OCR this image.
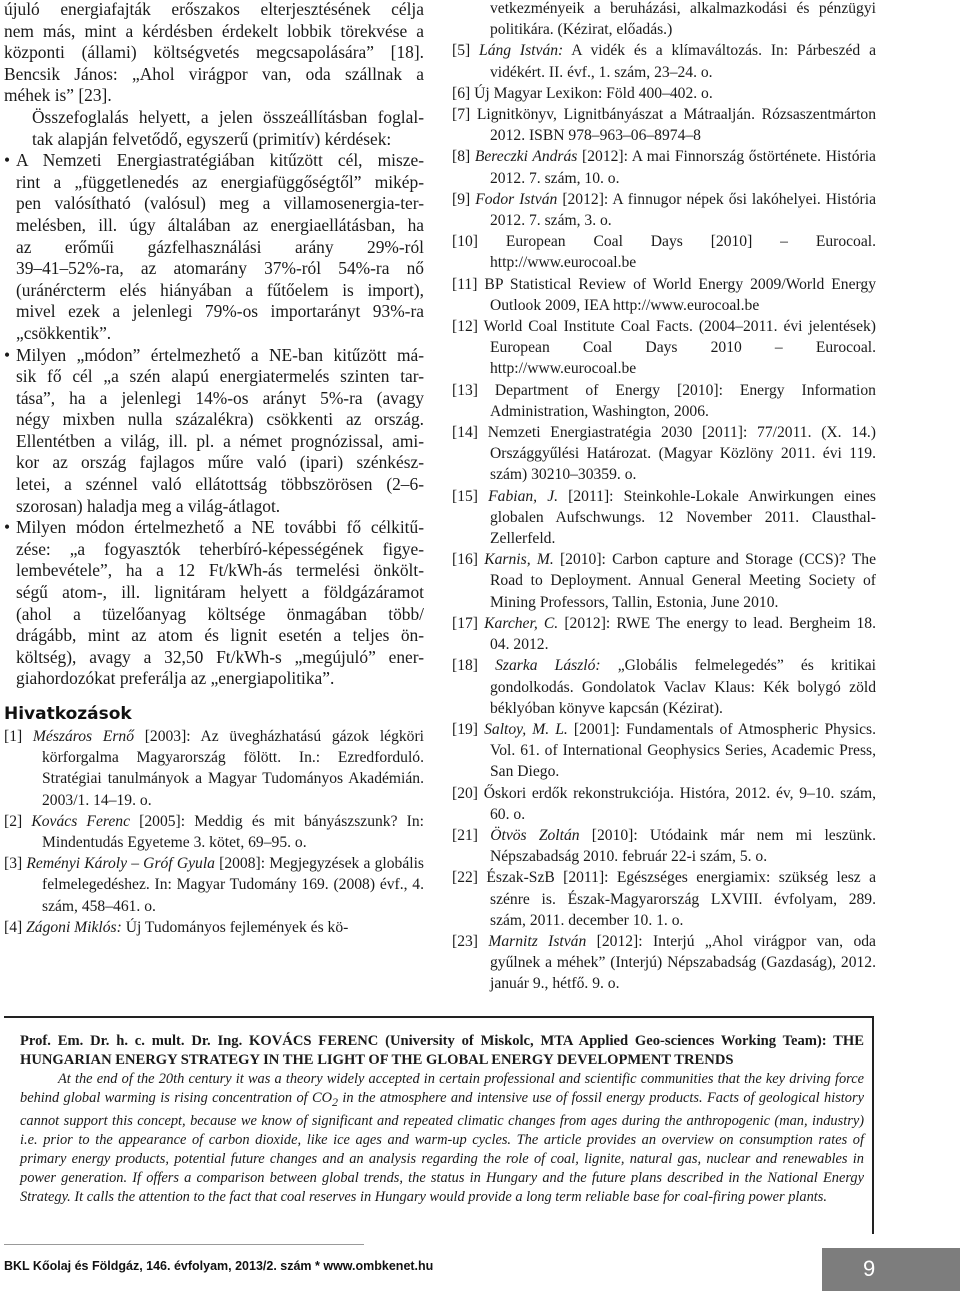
újuló energiafajták erőszakos elterjesztésének célja
nem más, mint a kérdésben érdekelt lobbik törekvése a
központi (állami) költségvetés megcsapolására” [18].
Bencsik János: „Ahol virágpor van, oda szállnak a
méhek is” [23].
Összefoglalás helyett, a jelen összeállításban foglal-
tak alapján felvetődő, egyszerű (primitív) kérdések:
• A Nemzeti Energiastratégiában kitűzött cél, misze-
rint a „függetlenedés az energiafüggőségtől” mikép-
pen valósítható (valósul) meg a villamosenergia-ter-
melésben, ill. úgy általában az energiaellátásban, ha
az erőműi gázfelhasználási arány 29%-ról
39–41–52%-ra, az atomarány 37%-ról 54%-ra nő
(uránércterm elés hiányában a fűtőelem is import),
mivel ezek a jelenlegi 79%-os importarányt 93%-ra
„csökkentik”.
• Milyen „módon” értelmezhető a NE-ban kitűzött má-
sik fő cél „a szén alapú energiatermelés szinten tar-
tása”, ha a jelenlegi 14%-os arányt 5%-ra (avagy
négy mixben nulla százalékra) csökkenti az ország.
Ellentétben a világ, ill. pl. a német prognózissal, ami-
kor az ország fajlagos műre való (ipari) szénkész-
letei, a szénnel való ellátottság többszörösen (2–6-
szorosan) haladja meg a világ-átlagot.
• Milyen módon értelmezhető a NE további fő célkitű-
zése: „a fogyasztók teherbíró-képességének figye-
lembevétele”, ha a 12 Ft/kWh-ás termelési önkölt-
ségű atom-, ill. lignitáram helyett a földgázáramot
(ahol a tüzelőanyag költsége önmagában több/
drágább, mint az atom és lignit esetén a teljes ön-
költség), avagy a 32,50 Ft/kWh-s „megújuló” ener-
giahordozókat preferálja az „energiapolitika”.
Hivatkozások
[1] Mészáros Ernő [2003]: Az üvegházhatású gázok légköri körforgalma Magyarország fölött. In.: Ezredforduló. Stratégiai tanulmányok a Magyar Tudományos Akadémián. 2003/1. 14–19. o.
[2] Kovács Ferenc [2005]: Meddig és mit bányászszunk? In: Mindentudás Egyeteme 3. kötet, 69–95. o.
[3] Reményi Károly – Gróf Gyula [2008]: Megjegyzések a globális felmelegedéshez. In: Magyar Tudomány 169. (2008) évf., 4. szám, 458–461. o.
[4] Zágoni Miklós: Új Tudományos fejlemények és kö-
vetkezményeik a beruházási, alkalmazkodási és pénzügyi politikára. (Kézirat, előadás.)
[5] Láng István: A vidék és a klímaváltozás. In: Párbeszéd a vidékért. II. évf., 1. szám, 23–24. o.
[6] Új Magyar Lexikon: Föld 400–402. o.
[7] Lignitkönyv, Lignitbányászat a Mátraalján. Rózsaszentmárton 2012. ISBN 978–963–06–8974–8
[8] Bereczki András [2012]: A mai Finnország őstörténete. História 2012. 7. szám, 10. o.
[9] Fodor István [2012]: A finnugor népek ősi lakóhelyei. História 2012. 7. szám, 3. o.
[10] European Coal Days [2010] – Eurocoal. http://www.eurocoal.be
[11] BP Statistical Review of World Energy 2009/World Energy Outlook 2009, IEA http://www.eurocoal.be
[12] World Coal Institute Coal Facts. (2004–2011. évi jelentések) European Coal Days 2010 – Eurocoal. http://www.eurocoal.be
[13] Department of Energy [2010]: Energy Information Administration, Washington, 2006.
[14] Nemzeti Energiastratégia 2030 [2011]: 77/2011. (X. 14.) Országgyűlési Határozat. (Magyar Közlöny 2011. évi 119. szám) 30210–30359. o.
[15] Fabian, J. [2011]: Steinkohle-Lokale Anwirkungen eines globalen Aufschwungs. 12 November 2011. Clausthal-Zellerfeld.
[16] Karnis, M. [2010]: Carbon capture and Storage (CCS)? The Road to Deployment. Annual General Meeting Society of Mining Professors, Tallin, Estonia, June 2010.
[17] Karcher, C. [2012]: RWE The energy to lead. Bergheim 18. 04. 2012.
[18] Szarka László: „Globális felmelegedés” és kritikai gondolkodás. Gondolatok Vaclav Klaus: Kék bolygó zöld béklyóban könyve kapcsán (Kézirat).
[19] Saltoy, M. L. [2001]: Fundamentals of Atmospheric Physics. Vol. 61. of International Geophysics Series, Academic Press, San Diego.
[20] Őskori erdők rekonstrukciója. Históra, 2012. év, 9–10. szám, 60. o.
[21] Ötvös Zoltán [2010]: Utódaink már nem mi leszünk. Népszabadság 2010. február 22-i szám, 5. o.
[22] Észak-SzB [2011]: Egészséges energiamix: szükség lesz a szénre is. Észak-Magyarország LXVIII. évfolyam, 289. szám, 2011. december 10. 1. o.
[23] Marnitz István [2012]: Interjú „Ahol virágpor van, oda gyűlnek a méhek” (Interjú) Népszabadság (Gazdaság), 2012. január 9., hétfő. 9. o.
Prof. Em. Dr. h. c. mult. Dr. Ing. KOVÁCS FERENC (University of Miskolc, MTA Applied Geo-sciences Working Team): THE HUNGARIAN ENERGY STRATEGY IN THE LIGHT OF THE GLOBAL ENERGY DEVELOPMENT TRENDS
At the end of the 20th century it was a theory widely accepted in certain professional and scientific communities that the key driving force behind global warming is rising concentration of $CO_2$ in the atmosphere and intensive use of fossil energy products. Facts of geological history cannot support this concept, because we know of significant and repeated climatic changes from ages during the anthropogenic (man, industry) i.e. prior to the appearance of carbon dioxide, like ice ages and warm-up cycles. The article provides an overview on consumption rates of primary energy products, potential future changes and an analysis regarding the role of coal, lignite, natural gas, nuclear and renewables in power generation. If offers a comparison between global trends, the status in Hungary and the future plans described in the National Energy Strategy. It calls the attention to the fact that coal reserves in Hungary would provide a long term reliable base for coal-firing power plants.
BKL Kőolaj és Földgáz, 146. évfolyam, 2013/2. szám * www.ombkenet.hu	9
